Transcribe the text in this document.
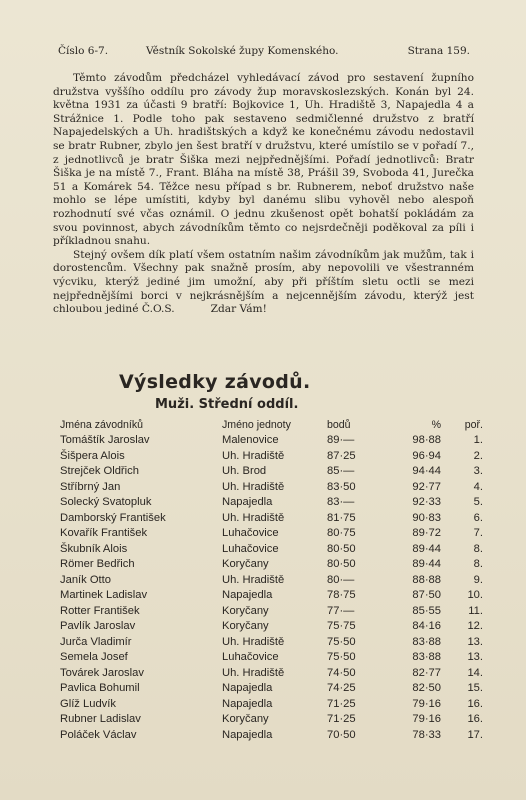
Číslo 6-7.	Věstník Sokolské župy Komenského.	Strana 159.

Těmto závodům předcházel vyhledávací závod pro sestavení župního družstva vyššího oddílu pro závody žup moravskoslezských. Konán byl 24. května 1931 za účasti 9 bratří: Bojkovice 1, Uh. Hradiště 3, Napajedla 4 a Strážnice 1. Podle toho pak sestaveno sedmičlenné družstvo z bratří Napajedelských a Uh. hradištských a když ke konečnému závodu nedostavil se bratr Rubner, zbylo jen šest bratří v družstvu, které umístilo se v pořadí 7., z jednotlivců je bratr Šiška mezi nejpřednějšími. Pořadí jednotlivců: Bratr Šiška je na místě 7., Frant. Bláha na místě 38, Prášil 39, Svoboda 41, Jurečka 51 a Komárek 54. Těžce nesu případ s br. Rubnerem, neboť družstvo naše mohlo se lépe umístiti, kdyby byl danému slibu vyhověl nebo alespoň rozhodnutí své včas oznámil. O jednu zkušenost opět bohatší pokládám za svou povinnost, abych závodníkům těmto co nejsrdečněji poděkoval za píli i příkladnou snahu.

Stejný ovšem dík platí všem ostatním našim závodníkům jak mužům, tak i dorostencům. Všechny pak snažně prosím, aby nepovolili ve všestranném výcviku, kterýž jediné jim umožní, aby při příštím sletu octli se mezi nejpřednějšími borci v nejkrásnějším a nejcennějším závodu, kterýž jest chloubou jediné Č.O.S.	Zdar Vám!

Výsledky závodů.
Muži. Střední oddíl.
Jména závodníků	Jméno jednoty	bodů	%	poř.
Tomáštík Jaroslav	Malenovice	89·—	98·88	1.
Šišpera Alois	Uh. Hradiště	87·25	96·94	2.
Strejček Oldřich	Uh. Brod	85·—	94·44	3.
Stříbrný Jan	Uh. Hradiště	83·50	92·77	4.
Solecký Svatopluk	Napajedla	83·—	92·33	5.
Damborský František	Uh. Hradiště	81·75	90·83	6.
Kovařík František	Luhačovice	80·75	89·72	7.
Škubník Alois	Luhačovice	80·50	89·44	8.
Römer Bedřich	Koryčany	80·50	89·44	8.
Janík Otto	Uh. Hradiště	80·—	88·88	9.
Martinek Ladislav	Napajedla	78·75	87·50	10.
Rotter František	Koryčany	77·—	85·55	11.
Pavlík Jaroslav	Koryčany	75·75	84·16	12.
Jurča Vladimír	Uh. Hradiště	75·50	83·88	13.
Semela Josef	Luhačovice	75·50	83·88	13.
Továrek Jaroslav	Uh. Hradiště	74·50	82·77	14.
Pavlica Bohumil	Napajedla	74·25	82·50	15.
Glíž Ludvík	Napajedla	71·25	79·16	16.
Rubner Ladislav	Koryčany	71·25	79·16	16.
Poláček Václav	Napajedla	70·50	78·33	17.
